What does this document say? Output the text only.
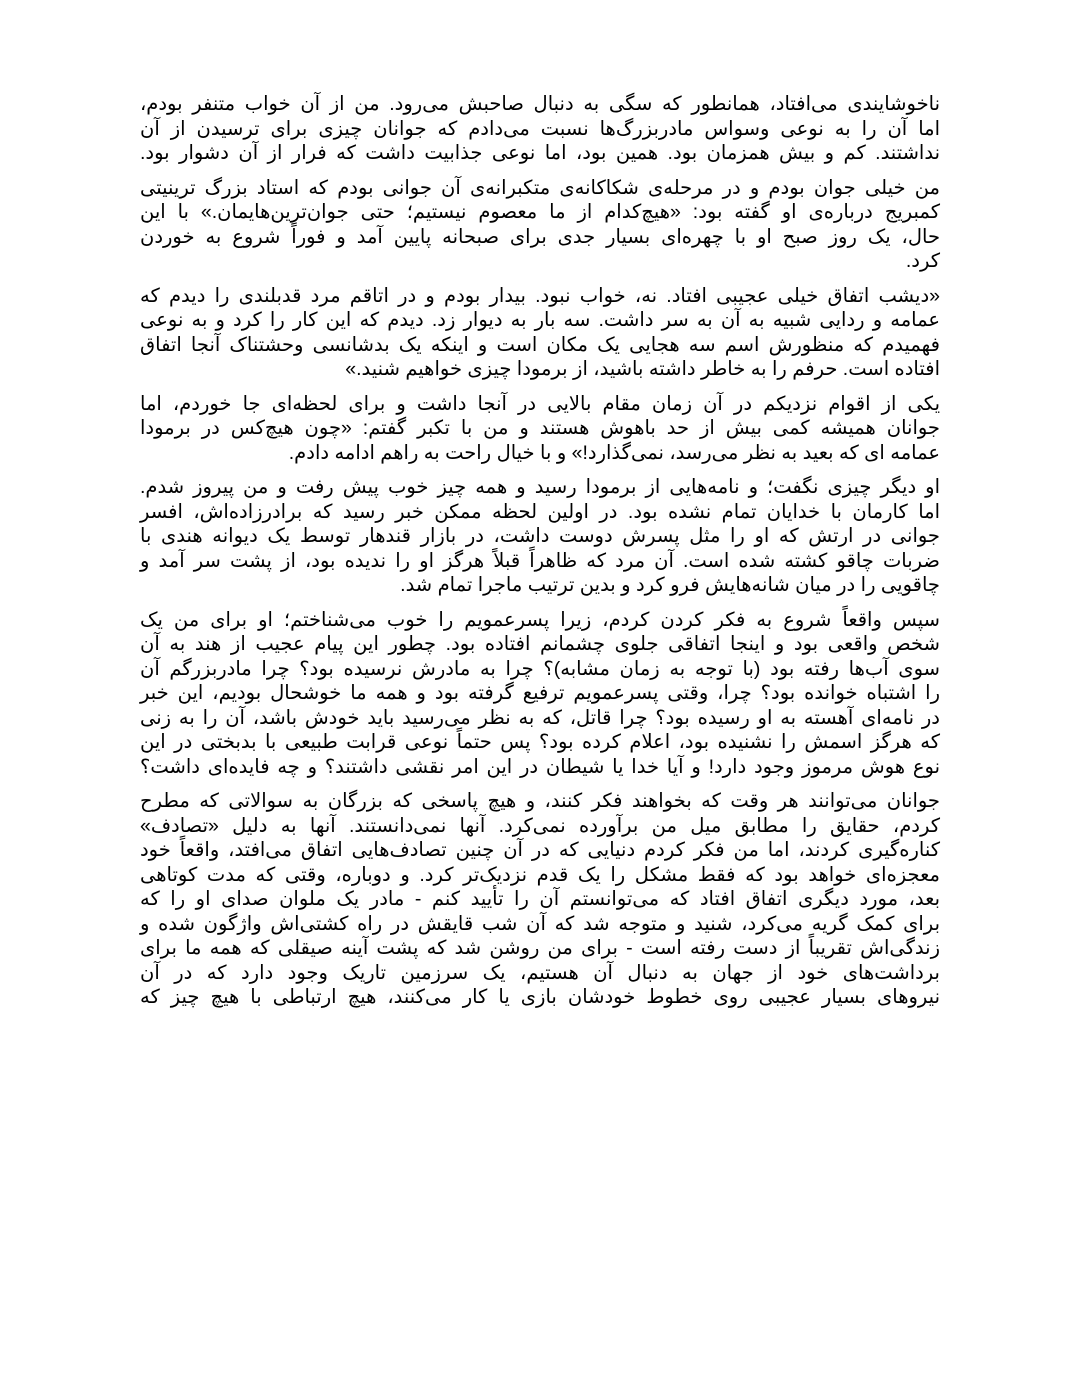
ناخوشایندی می‌افتاد، همانطور که سگی به دنبال صاحبش می‌رود. من از آن خواب متنفر بودم،
اما آن را به نوعی وسواس مادربزرگ‌ها نسبت می‌دادم که جوانان چیزی برای ترسیدن از آن
نداشتند. کم و بیش همزمان بود. همین بود، اما نوعی جذابیت داشت که فرار از آن دشوار بود.
من خیلی جوان بودم و در مرحله‌ی شکاکانه‌ی متکبرانه‌ی آن جوانی بودم که استاد بزرگ ترینیتی
کمبریج درباره‌ی او گفته بود: «هیچ‌کدام از ما معصوم نیستیم؛ حتی جوان‌ترین‌هایمان.» با این
حال، یک روز صبح او با چهره‌ای بسیار جدی برای صبحانه پایین آمد و فوراً شروع به خوردن
کرد.
«دیشب اتفاق خیلی عجیبی افتاد. نه، خواب نبود. بیدار بودم و در اتاقم مرد قدبلندی را دیدم که
عمامه و ردایی شبیه به آن به سر داشت. سه بار به دیوار زد. دیدم که این کار را کرد و به نوعی
فهمیدم که منظورش اسم سه هجایی یک مکان است و اینکه یک بدشانسی وحشتناک آنجا اتفاق
افتاده است. حرفم را به خاطر داشته باشید، از برمودا چیزی خواهیم شنید.»
یکی از اقوام نزدیکم در آن زمان مقام بالایی در آنجا داشت و برای لحظه‌ای جا خوردم، اما
جوانان همیشه کمی بیش از حد باهوش هستند و من با تکبر گفتم: «چون هیچ‌کس در برمودا
عمامه ای که بعید به نظر می‌رسد، نمی‌گذارد!» و با خیال راحت به راهم ادامه دادم.
او دیگر چیزی نگفت؛ و نامه‌هایی از برمودا رسید و همه چیز خوب پیش رفت و من پیروز شدم.
اما کارمان با خدایان تمام نشده بود. در اولین لحظه ممکن خبر رسید که برادرزاده‌اش، افسر
جوانی در ارتش که او را مثل پسرش دوست داشت، در بازار قندهار توسط یک دیوانه هندی با
ضربات چاقو کشته شده است. آن مرد که ظاهراً قبلاً هرگز او را ندیده بود، از پشت سر آمد و
چاقویی را در میان شانه‌هایش فرو کرد و بدین ترتیب ماجرا تمام شد.
سپس واقعاً شروع به فکر کردن کردم، زیرا پسرعمویم را خوب می‌شناختم؛ او برای من یک
شخص واقعی بود و اینجا اتفاقی جلوی چشمانم افتاده بود. چطور این پیام عجیب از هند به آن
سوی آب‌ها رفته بود (با توجه به زمان مشابه)؟ چرا به مادرش نرسیده بود؟ چرا مادربزرگم آن
را اشتباه خوانده بود؟ چرا، وقتی پسرعمویم ترفیع گرفته بود و همه ما خوشحال بودیم، این خبر
در نامه‌ای آهسته به او رسیده بود؟ چرا قاتل، که به نظر می‌رسید باید خودش باشد، آن را به زنی
که هرگز اسمش را نشنیده بود، اعلام کرده بود؟ پس حتماً نوعی قرابت طبیعی با بدبختی در این
نوع هوش مرموز وجود دارد! و آیا خدا یا شیطان در این امر نقشی داشتند؟ و چه فایده‌ای داشت؟
جوانان می‌توانند هر وقت که بخواهند فکر کنند، و هیچ پاسخی که بزرگان به سوالاتی که مطرح
کردم، حقایق را مطابق میل من برآورده نمی‌کرد. آنها نمی‌دانستند. آنها به دلیل «تصادف»
کناره‌گیری کردند، اما من فکر کردم دنیایی که در آن چنین تصادف‌هایی اتفاق می‌افتد، واقعاً خود
معجزه‌ای خواهد بود که فقط مشکل را یک قدم نزدیک‌تر کرد. و دوباره، وقتی که مدت کوتاهی
بعد، مورد دیگری اتفاق افتاد که می‌توانستم آن را تأیید کنم - مادر یک ملوان صدای او را که
برای کمک گریه می‌کرد، شنید و متوجه شد که آن شب قایقش در راه کشتی‌اش واژگون شده و
زندگی‌اش تقریباً از دست رفته است - برای من روشن شد که پشت آینه صیقلی که همه ما برای
برداشت‌های خود از جهان به دنبال آن هستیم، یک سرزمین تاریک وجود دارد که در آن
نیروهای بسیار عجیبی روی خطوط خودشان بازی یا کار می‌کنند، هیچ ارتباطی با هیچ چیز که
